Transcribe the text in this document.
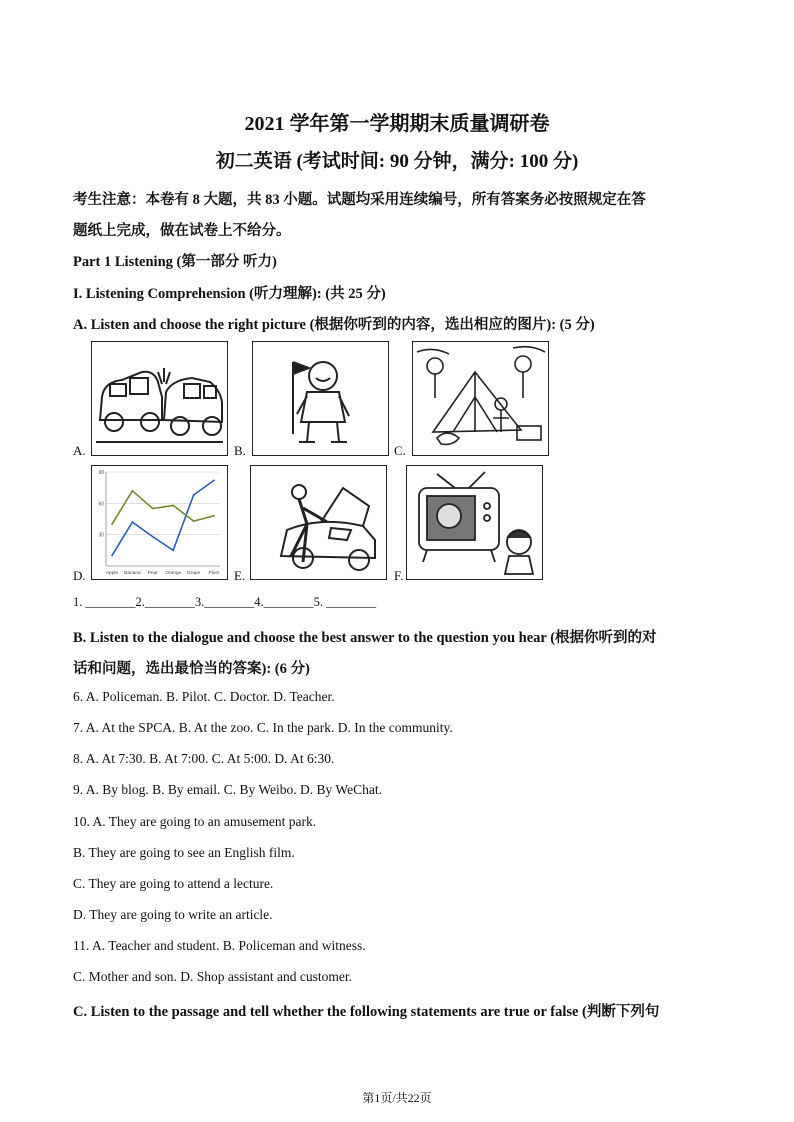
2021 学年第一学期期末质量调研卷
初二英语 (考试时间: 90 分钟，满分: 100 分)
考生注意：本卷有 8 大题，共 83 小题。试题均采用连续编号，所有答案务必按照规定在答
题纸上完成，做在试卷上不给分。
Part 1 Listening (第一部分 听力)
I. Listening Comprehension (听力理解): (共 25 分)
A. Listen and choose the right picture (根据你听到的内容，选出相应的图片): (5 分)
A.	B.	C.
D.
90
60
30
Apple Banana Pear Orange Grape Plum E.	F.
1. ________2.________3.________4.________5. ________
B. Listen to the dialogue and choose the best answer to the question you hear (根据你听到的对
话和问题，选出最恰当的答案): (6 分)
6. A. Policeman. B. Pilot. C. Doctor. D. Teacher.
7. A. At the SPCA. B. At the zoo. C. In the park. D. In the community.
8. A. At 7:30. B. At 7:00. C. At 5:00. D. At 6:30.
9. A. By blog. B. By email. C. By Weibo. D. By WeChat.
10. A. They are going to an amusement park.
B. They are going to see an English film.
C. They are going to attend a lecture.
D. They are going to write an article.
11. A. Teacher and student. B. Policeman and witness.
C. Mother and son. D. Shop assistant and customer.
C. Listen to the passage and tell whether the following statements are true or false (判断下列句
第1页/共22页
